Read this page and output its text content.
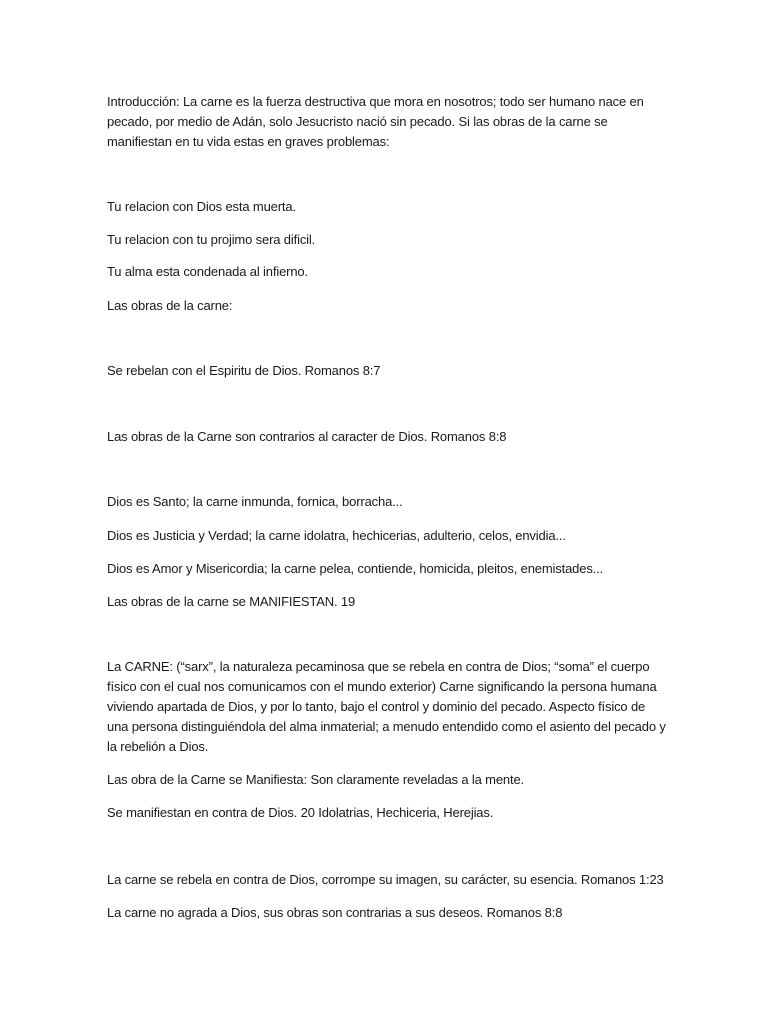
Introducción: La carne es la fuerza destructiva que mora en nosotros; todo ser humano nace en pecado, por medio de Adán, solo Jesucristo nació sin pecado. Si las obras de la carne se manifiestan en tu vida estas en graves problemas:

Tu relacion con Dios esta muerta.

Tu relacion con tu projimo sera dificil.

Tu alma esta condenada al infierno.

Las obras de la carne:

Se rebelan con el Espiritu de Dios. Romanos 8:7

Las obras de la Carne son contrarios al caracter de Dios. Romanos 8:8

Dios es Santo; la carne inmunda, fornica, borracha...

Dios es Justicia y Verdad; la carne idolatra, hechicerias, adulterio, celos, envidia...

Dios es Amor y Misericordia; la carne pelea, contiende, homicida, pleitos, enemistades...

Las obras de la carne se MANIFIESTAN. 19

La CARNE: (“sarx”, la naturaleza pecaminosa que se rebela en contra de Dios; “soma” el cuerpo físico con el cual nos comunicamos con el mundo exterior) Carne significando la persona humana viviendo apartada de Dios, y por lo tanto, bajo el control y dominio del pecado. Aspecto físico de una persona distinguiéndola del alma inmaterial; a menudo entendido como el asiento del pecado y la rebelión a Dios.

Las obra de la Carne se Manifiesta: Son claramente reveladas a la mente.

Se manifiestan en contra de Dios. 20 Idolatrias, Hechiceria, Herejias.

La carne se rebela en contra de Dios, corrompe su imagen, su carácter, su esencia. Romanos 1:23

La carne no agrada a Dios, sus obras son contrarias a sus deseos. Romanos 8:8
